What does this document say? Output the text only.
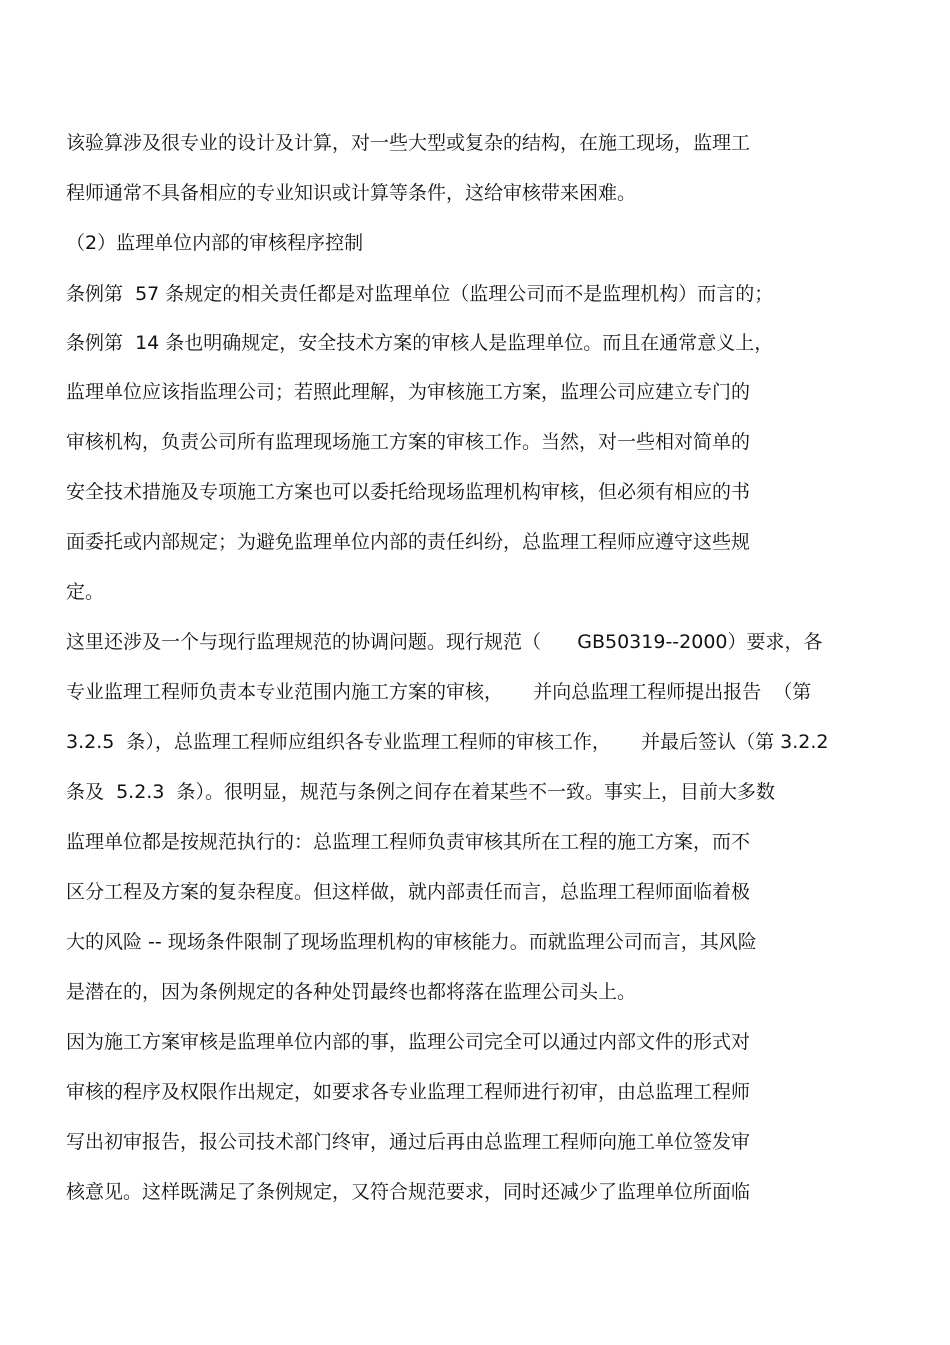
该验算涉及很专业的设计及计算，对一些大型或复杂的结构，在施工现场，监理工
程师通常不具备相应的专业知识或计算等条件，这给审核带来困难。
（2）监理单位内部的审核程序控制
条例第  57 条规定的相关责任都是对监理单位（监理公司而不是监理机构）而言的；
条例第  14 条也明确规定，安全技术方案的审核人是监理单位。而且在通常意义上，
监理单位应该指监理公司；若照此理解，为审核施工方案，监理公司应建立专门的
审核机构，负责公司所有监理现场施工方案的审核工作。当然，对一些相对简单的
安全技术措施及专项施工方案也可以委托给现场监理机构审核，但必须有相应的书
面委托或内部规定；为避免监理单位内部的责任纠纷，总监理工程师应遵守这些规
定。
这里还涉及一个与现行监理规范的协调问题。现行规范（      GB50319--2000）要求，各
专业监理工程师负责本专业范围内施工方案的审核，     并向总监理工程师提出报告  （第
3.2.5  条），总监理工程师应组织各专业监理工程师的审核工作，     并最后签认（第 3.2.2
条及  5.2.3  条）。很明显，规范与条例之间存在着某些不一致。事实上，目前大多数
监理单位都是按规范执行的：总监理工程师负责审核其所在工程的施工方案，而不
区分工程及方案的复杂程度。但这样做，就内部责任而言，总监理工程师面临着极
大的风险 -- 现场条件限制了现场监理机构的审核能力。而就监理公司而言，其风险
是潜在的，因为条例规定的各种处罚最终也都将落在监理公司头上。
因为施工方案审核是监理单位内部的事，监理公司完全可以通过内部文件的形式对
审核的程序及权限作出规定，如要求各专业监理工程师进行初审，由总监理工程师
写出初审报告，报公司技术部门终审，通过后再由总监理工程师向施工单位签发审
核意见。这样既满足了条例规定，又符合规范要求，同时还减少了监理单位所面临
